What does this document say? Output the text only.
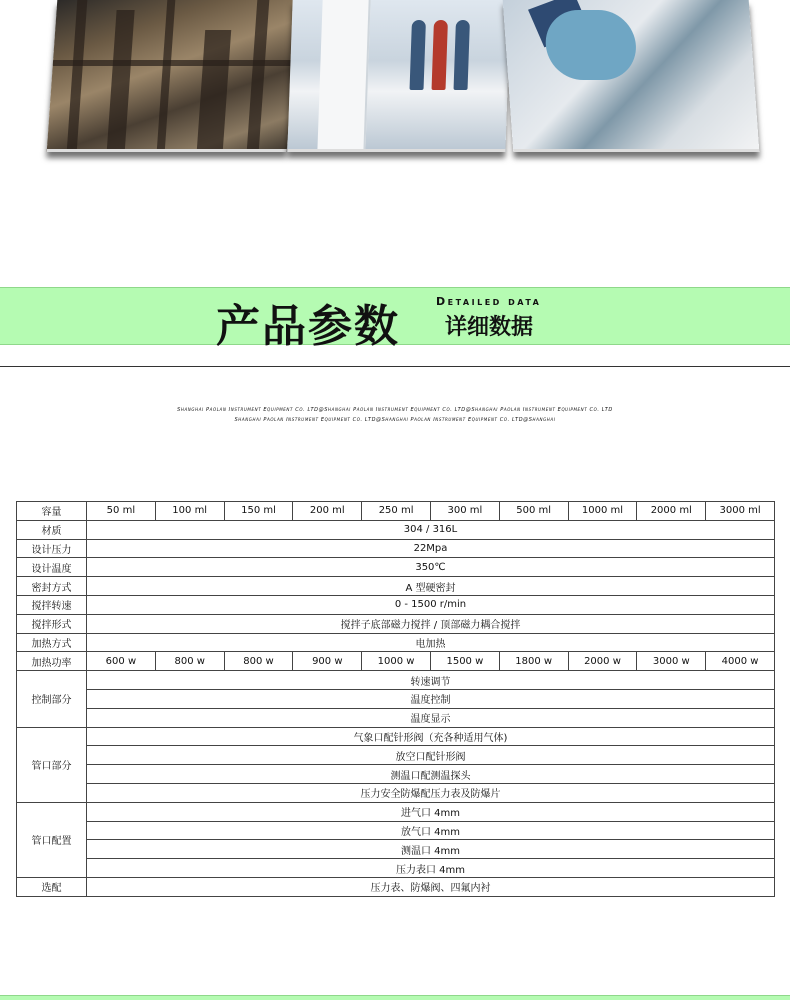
产品参数	Detailed data
详细数据
Shanghai Paolan Instrument Equipment Co. LTD@Shanghai Paolan Instrument Equipment Co. LTD@Shanghai Paolan Instrument Equipment Co. LTD
Shanghai Paolan Instrument Equipment Co. LTD@Shanghai Paolan Instrument Equipment Co. LTD@Shanghai
容量	50 ml	100 ml	150 ml	200 ml	250 ml	300 ml	500 ml	1000 ml	2000 ml	3000 ml
材质	304 / 316L									
设计压力	22Mpa									
设计温度	350℃									
密封方式	A 型硬密封									
搅拌转速	0 - 1500 r/min									
搅拌形式	搅拌子底部磁力搅拌 / 顶部磁力耦合搅拌									
加热方式	电加热									
加热功率	600 w	800 w	800 w	900 w	1000 w	1500 w	1800 w	2000 w	3000 w	4000 w
控制部分	转速调节									
	温度控制									
	温度显示									
管口部分	气象口配针形阀（充各种适用气体)									
	放空口配针形阀									
	测温口配测温探头									
	压力安全防爆配压力表及防爆片									
管口配置	进气口 4mm									
	放气口 4mm									
	测温口 4mm									
	压力表口 4mm									
选配	压力表、防爆阀、四氟内衬									
